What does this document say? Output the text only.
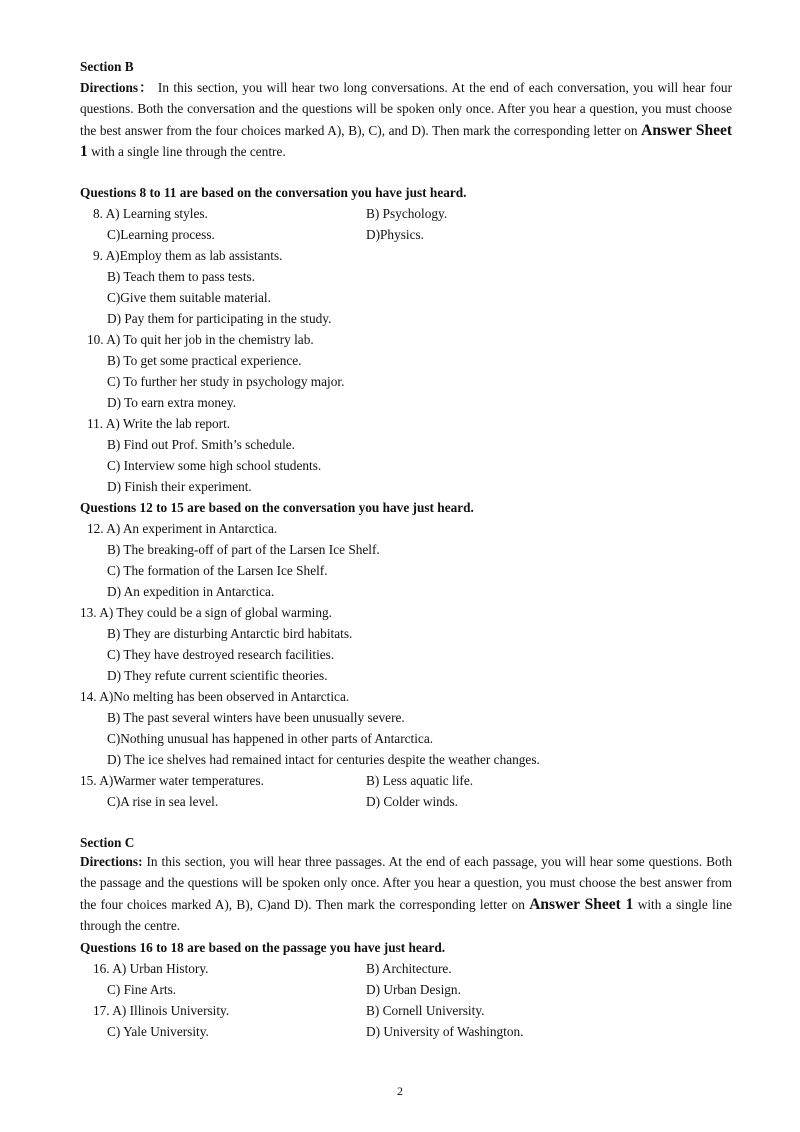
Section B
Directions： In this section, you will hear two long conversations. At the end of each conversation, you will hear four questions. Both the conversation and the questions will be spoken only once. After you hear a question, you must choose the best answer from the four choices marked A), B), C), and D). Then mark the corresponding letter on Answer Sheet 1 with a single line through the centre.
Questions 8 to 11 are based on the conversation you have just heard.
8. A) Learning styles.	B) Psychology.
C)Learning process.	D)Physics.
9. A)Employ them as lab assistants.
B) Teach them to pass tests.
C)Give them suitable material.
D) Pay them for participating in the study.
10. A) To quit her job in the chemistry lab.
B) To get some practical experience.
C) To further her study in psychology major.
D) To earn extra money.
11. A) Write the lab report.
B) Find out Prof. Smith’s schedule.
C) Interview some high school students.
D) Finish their experiment.
Questions 12 to 15 are based on the conversation you have just heard.
12. A) An experiment in Antarctica.
B) The breaking-off of part of the Larsen Ice Shelf.
C) The formation of the Larsen Ice Shelf.
D) An expedition in Antarctica.
13. A) They could be a sign of global warming.
B) They are disturbing Antarctic bird habitats.
C) They have destroyed research facilities.
D) They refute current scientific theories.
14. A)No melting has been observed in Antarctica.
B) The past several winters have been unusually severe.
C)Nothing unusual has happened in other parts of Antarctica.
D) The ice shelves had remained intact for centuries despite the weather changes.
15. A)Warmer water temperatures.	B) Less aquatic life.
C)A rise in sea level.	D) Colder winds.
Section C
Directions: In this section, you will hear three passages. At the end of each passage, you will hear some questions. Both the passage and the questions will be spoken only once. After you hear a question, you must choose the best answer from the four choices marked A), B), C)and D). Then mark the corresponding letter on Answer Sheet 1 with a single line through the centre.
Questions 16 to 18 are based on the passage you have just heard.
16. A) Urban History.	B) Architecture.
C) Fine Arts.	D) Urban Design.
17. A) Illinois University.	B) Cornell University.
C) Yale University.	D) University of Washington.
2
